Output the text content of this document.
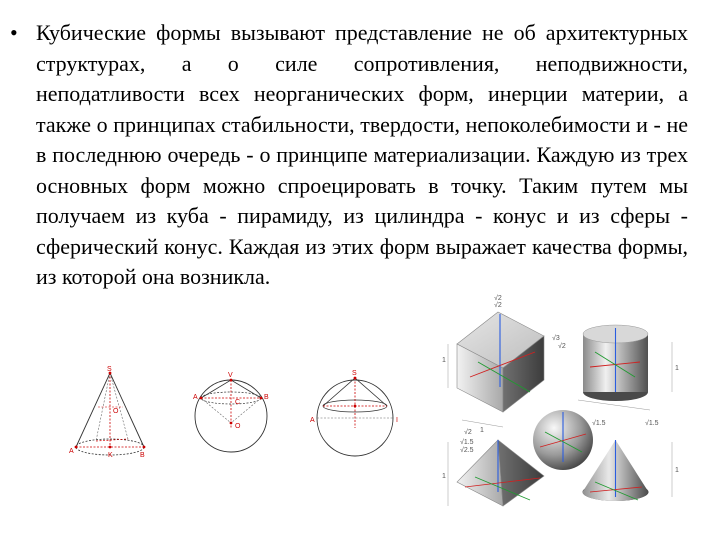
• Кубические формы вызывают представление не об архитектурных структурах, а о силе сопротивления, неподвижности, неподатливости всех неорганических форм, инерции материи, а также о принципах стабильности, твердости, непоколебимости и - не в последнюю очередь - о принципе материализации. Каждую из трех основных форм можно спроецировать в точку. Таким путем мы получаем из куба - пирамиду, из цилиндра - конус и из сферы - сферический конус. Каждая из этих форм выражает качества формы, из которой она возникла.
S
O
A
K	B
V
A
C
B
O
S
A	I
√2
√2
√3
√2
1
1
1
√2
√1.5	√1.5
√1.5
√2.5
1
1
